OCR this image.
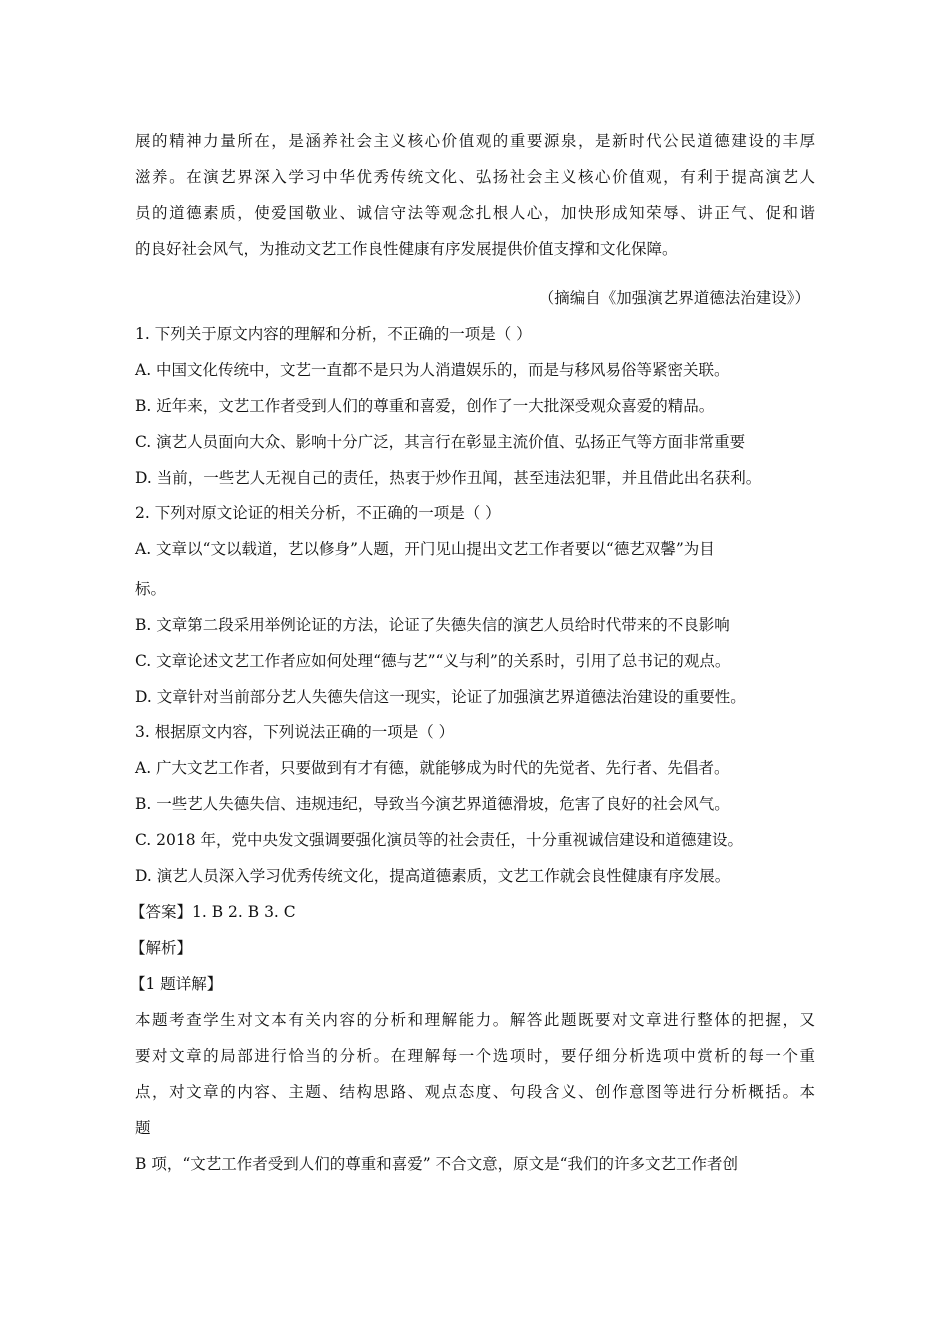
展的精神力量所在，是涵养社会主义核心价值观的重要源泉，是新时代公民道德建设的丰厚
滋养。在演艺界深入学习中华优秀传统文化、弘扬社会主义核心价值观，有利于提高演艺人
员的道德素质，使爱国敬业、诚信守法等观念扎根人心，加快形成知荣辱、讲正气、促和谐
的良好社会风气，为推动文艺工作良性健康有序发展提供价值支撑和文化保障。
（摘编自《加强演艺界道德法治建设》）
1. 下列关于原文内容的理解和分析，不正确的一项是（ ）
A. 中国文化传统中，文艺一直都不是只为人消遣娱乐的，而是与移风易俗等紧密关联。
B. 近年来，文艺工作者受到人们的尊重和喜爱，创作了一大批深受观众喜爱的精品。
C. 演艺人员面向大众、影响十分广泛，其言行在彰显主流价值、弘扬正气等方面非常重要
D. 当前，一些艺人无视自己的责任，热衷于炒作丑闻，甚至违法犯罪，并且借此出名获利。
2. 下列对原文论证的相关分析，不正确的一项是（ ）
A. 文章以“文以载道，艺以修身”人题，开门见山提出文艺工作者要以“德艺双馨”为目
标。
B. 文章第二段采用举例论证的方法，论证了失德失信的演艺人员给时代带来的不良影响
C. 文章论述文艺工作者应如何处理“德与艺”“义与利”的关系时，引用了总书记的观点。
D. 文章针对当前部分艺人失德失信这一现实，论证了加强演艺界道德法治建设的重要性。
3. 根据原文内容，下列说法正确的一项是（ ）
A. 广大文艺工作者，只要做到有才有德，就能够成为时代的先觉者、先行者、先倡者。
B. 一些艺人失德失信、违规违纪，导致当今演艺界道德滑坡，危害了良好的社会风气。
C. 2018 年，党中央发文强调要强化演员等的社会责任，十分重视诚信建设和道德建设。
D. 演艺人员深入学习优秀传统文化，提高道德素质，文艺工作就会良性健康有序发展。
【答案】1. B 2. B 3. C
【解析】
【1 题详解】
本题考查学生对文本有关内容的分析和理解能力。解答此题既要对文章进行整体的把握，又
要对文章的局部进行恰当的分析。在理解每一个选项时，要仔细分析选项中赏析的每一个重
点，对文章的内容、主题、结构思路、观点态度、句段含义、创作意图等进行分析概括。本
题
B 项，“文艺工作者受到人们的尊重和喜爱” 不合文意，原文是“我们的许多文艺工作者创
